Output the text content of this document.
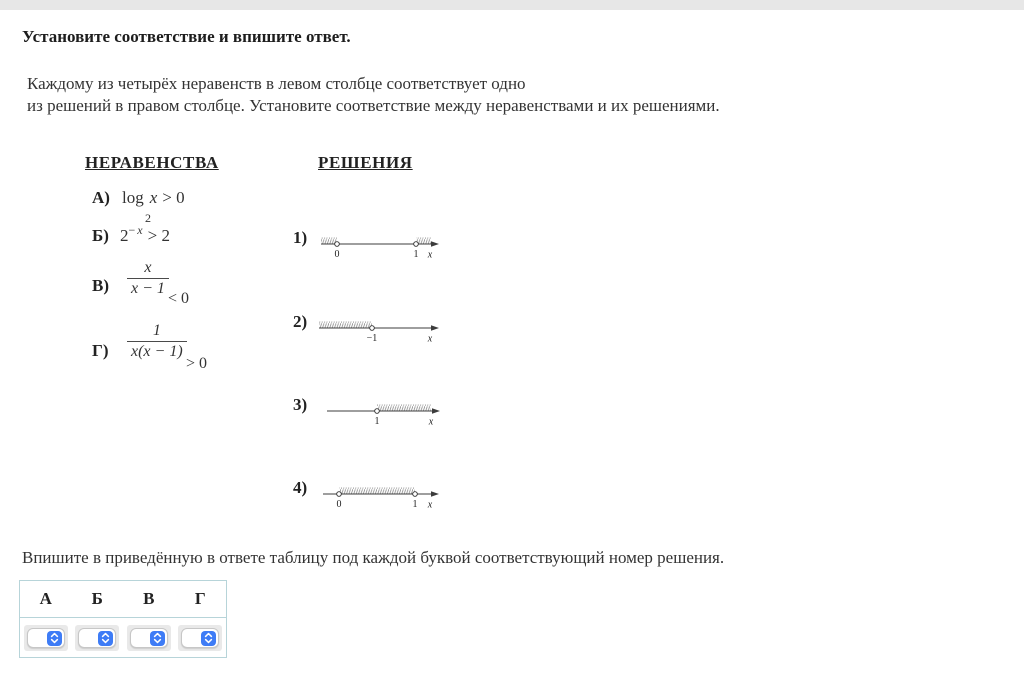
Установите соответствие и впишите ответ.
Каждому из четырёх неравенств в левом столбце соответствует одно
из решений в правом столбце. Установите соответствие между неравенствами и их решениями.
НЕРАВЕНСТВА	РЕШЕНИЯ
А) log x > 0
2
Б) $2^{- x} > 2$
$В) \frac{x}{x - 1}$
< 0
$Г) \frac{1}{x(x - 1)}$
> 0
1)
0	1 x
2)
−1	x
3)
1	x
4)
0	1 x
Впишите в приведённую в ответе таблицу под каждой буквой соответствующий номер решения.
А	Б	В	Г
